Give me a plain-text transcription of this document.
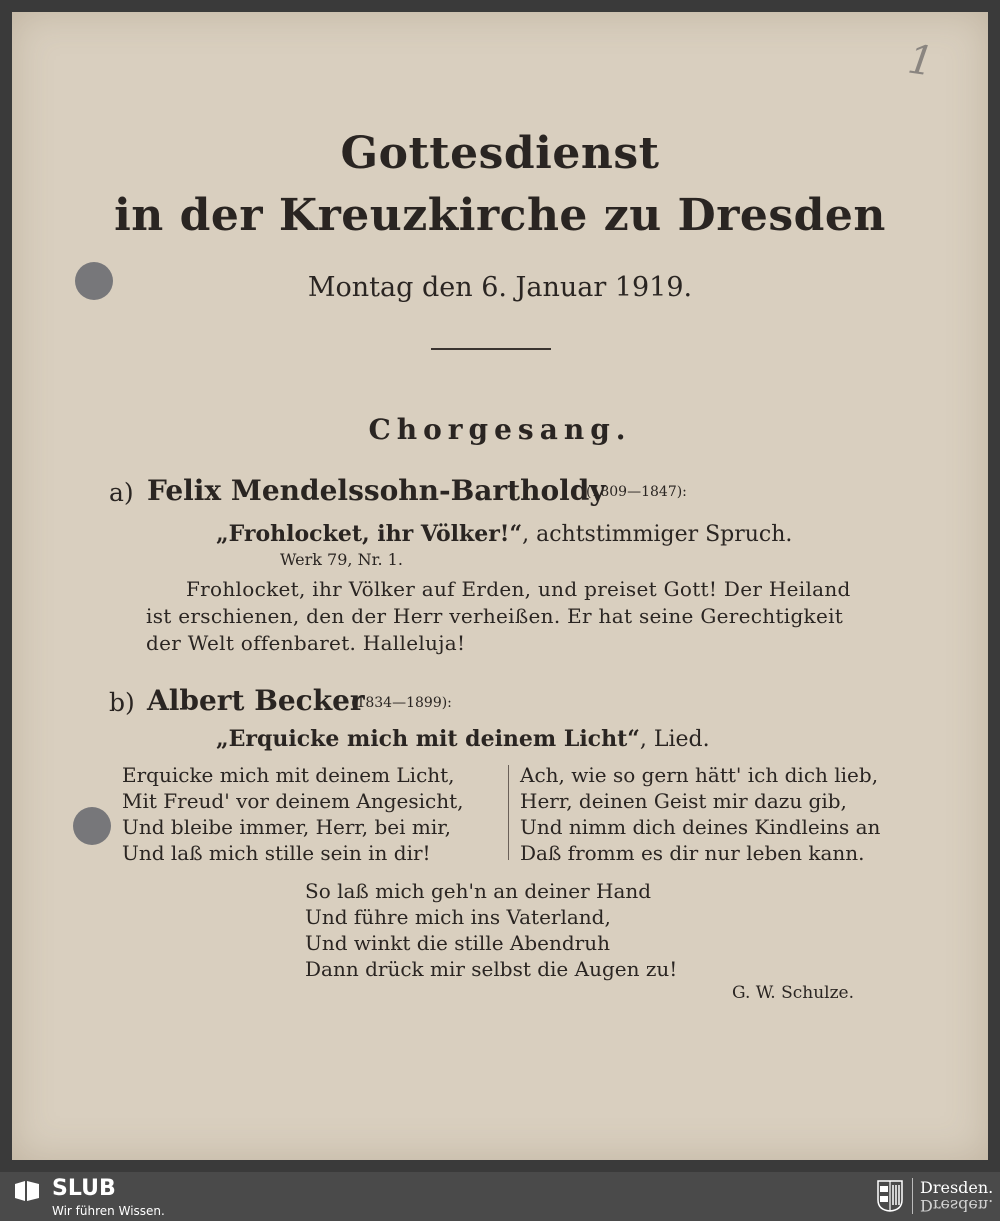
1
Gottesdienst
in der Kreuzkirche zu Dresden
Montag den 6. Januar 1919.
Chorgesang.
a) Felix Mendelssohn-Bartholdy
(1809—1847):
„Frohlocket, ihr Völker!“, achtstimmiger Spruch.
Werk 79, Nr. 1.
Frohlocket, ihr Völker auf Erden, und preiset Gott! Der Heiland
ist erschienen, den der Herr verheißen. Er hat seine Gerechtigkeit
der Welt offenbaret. Halleluja!
b) Albert Becker
(1834—1899):
„Erquicke mich mit deinem Licht“, Lied.
Erquicke mich mit deinem Licht,
Mit Freud' vor deinem Angesicht,
Und bleibe immer, Herr, bei mir,
Und laß mich stille sein in dir!
Ach, wie so gern hätt' ich dich lieb,
Herr, deinen Geist mir dazu gib,
Und nimm dich deines Kindleins an
Daß fromm es dir nur leben kann.
So laß mich geh'n an deiner Hand
Und führe mich ins Vaterland,
Und winkt die stille Abendruh
Dann drück mir selbst die Augen zu!
G. W. Schulze.
SLUB
Wir führen Wissen.
Dresden.
Dresden.
